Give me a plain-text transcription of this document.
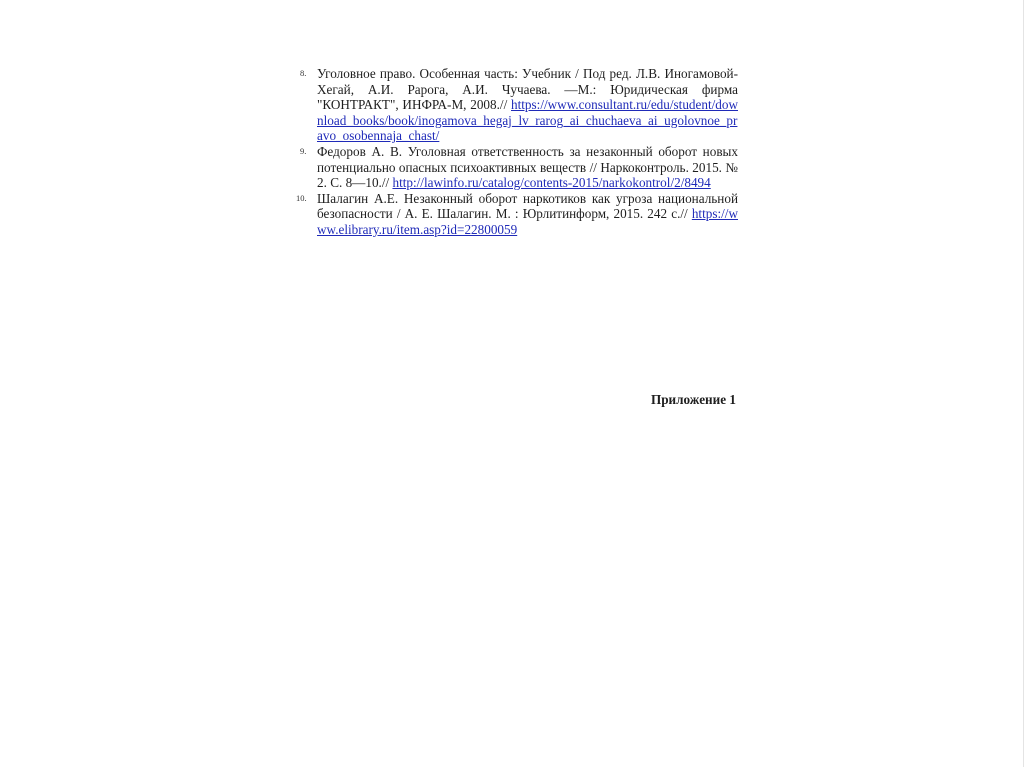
8. Уголовное право. Особенная часть: Учебник / Под ред. Л.В. Иногамовой-Хегай, А.И. Рарога, А.И. Чучаева. —М.: Юридическая фирма "КОНТРАКТ", ИНФРА-М, 2008.// https://www.consultant.ru/edu/student/download_books/book/inogamova_hegaj_lv_rarog_ai_chuchaeva_ai_ugolovnoe_pravo_osobennaja_chast/
9. Федоров А. В. Уголовная ответственность за незаконный оборот новых потенциально опасных психоактивных веществ // Наркоконтроль. 2015. № 2. С. 8—10.// http://lawinfo.ru/catalog/contents-2015/narkokontrol/2/8494
10. Шалагин А.Е. Незаконный оборот наркотиков как угроза национальной безопасности / А. Е. Шалагин. М. : Юрлитинформ, 2015. 242 с.// https://www.elibrary.ru/item.asp?id=22800059
Приложение 1
